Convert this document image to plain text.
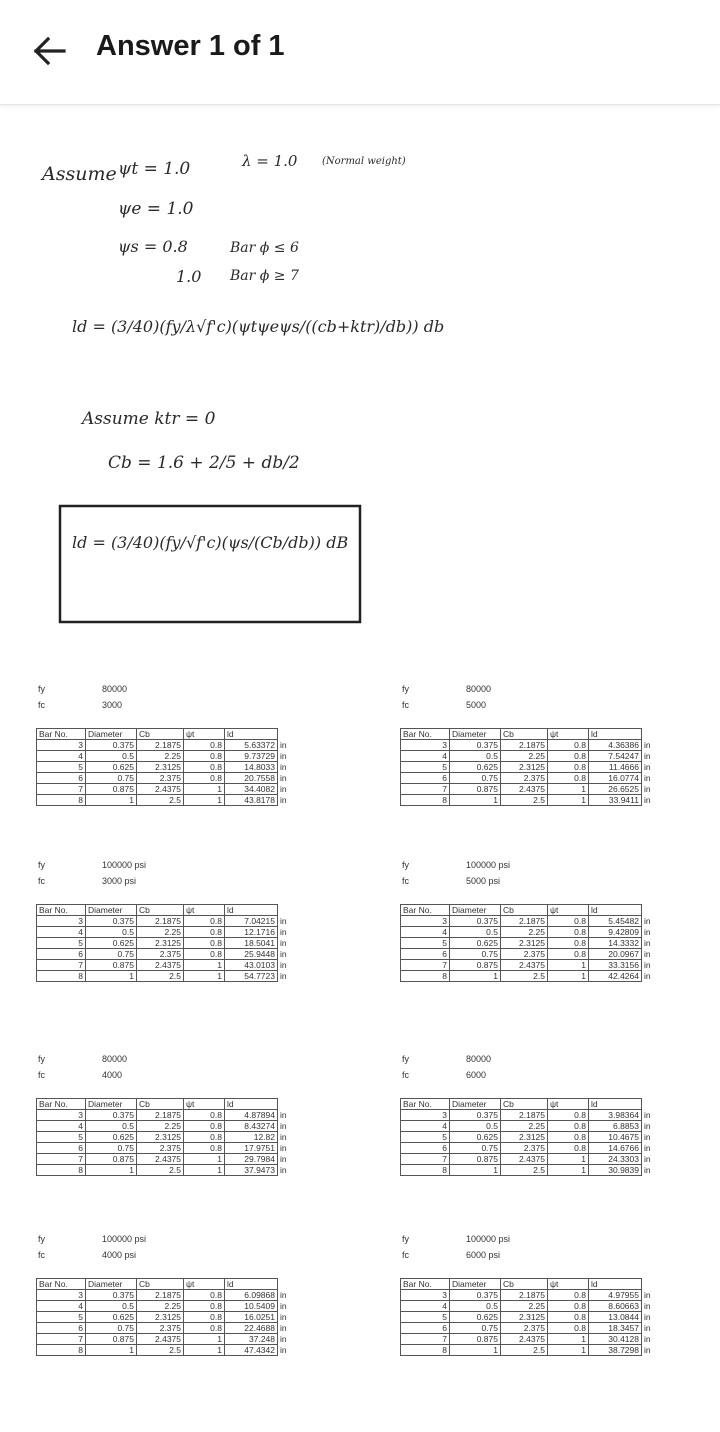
Answer 1 of 1
Assume ψt = 1.0	λ = 1.0 (Normal weight)
ψe = 1.0
ψs = 0.8	Bar ϕ ≤ 6
1.0 Bar ϕ ≥ 7
ld = (3/40)(fy/λ√f'c)(ψtψeψs/((cb+ktr)/db)) db
Assume ktr = 0
Cb = 1.6 + 2/5 + db/2
ld = (3/40)(fy/√f'c)(ψs/(Cb/db)) dB
fy	80000
fc	3000
Bar No.	Diameter	Cb	ψt	ld	
3	0.375	2.1875	0.8	5.63372	in
4	0.5	2.25	0.8	9.73729	in
5	0.625	2.3125	0.8	14.8033	in
6	0.75	2.375	0.8	20.7558	in
7	0.875	2.4375	1	34.4082	in
8	1	2.5	1	43.8178	in
fy	80000
fc	5000
Bar No.	Diameter	Cb	ψt	ld	
3	0.375	2.1875	0.8	4.36386	in
4	0.5	2.25	0.8	7.54247	in
5	0.625	2.3125	0.8	11.4666	in
6	0.75	2.375	0.8	16.0774	in
7	0.875	2.4375	1	26.6525	in
8	1	2.5	1	33.9411	in
fy	100000 psi
fc	3000 psi
Bar No.	Diameter	Cb	ψt	ld	
3	0.375	2.1875	0.8	7.04215	in
4	0.5	2.25	0.8	12.1716	in
5	0.625	2.3125	0.8	18.5041	in
6	0.75	2.375	0.8	25.9448	in
7	0.875	2.4375	1	43.0103	in
8	1	2.5	1	54.7723	in
fy	100000 psi
fc	5000 psi
Bar No.	Diameter	Cb	ψt	ld	
3	0.375	2.1875	0.8	5.45482	in
4	0.5	2.25	0.8	9.42809	in
5	0.625	2.3125	0.8	14.3332	in
6	0.75	2.375	0.8	20.0967	in
7	0.875	2.4375	1	33.3156	in
8	1	2.5	1	42.4264	in
fy	80000
fc	4000
Bar No.	Diameter	Cb	ψt	ld	
3	0.375	2.1875	0.8	4.87894	in
4	0.5	2.25	0.8	8.43274	in
5	0.625	2.3125	0.8	12.82	in
6	0.75	2.375	0.8	17.9751	in
7	0.875	2.4375	1	29.7984	in
8	1	2.5	1	37.9473	in
fy	80000
fc	6000
Bar No.	Diameter	Cb	ψt	ld	
3	0.375	2.1875	0.8	3.98364	in
4	0.5	2.25	0.8	6.8853	in
5	0.625	2.3125	0.8	10.4675	in
6	0.75	2.375	0.8	14.6766	in
7	0.875	2.4375	1	24.3303	in
8	1	2.5	1	30.9839	in
fy	100000 psi
fc	4000 psi
Bar No.	Diameter	Cb	ψt	ld	
3	0.375	2.1875	0.8	6.09868	in
4	0.5	2.25	0.8	10.5409	in
5	0.625	2.3125	0.8	16.0251	in
6	0.75	2.375	0.8	22.4688	in
7	0.875	2.4375	1	37.248	in
8	1	2.5	1	47.4342	in
fy	100000 psi
fc	6000 psi
Bar No.	Diameter	Cb	ψt	ld	
3	0.375	2.1875	0.8	4.97955	in
4	0.5	2.25	0.8	8.60663	in
5	0.625	2.3125	0.8	13.0844	in
6	0.75	2.375	0.8	18.3457	in
7	0.875	2.4375	1	30.4128	in
8	1	2.5	1	38.7298	in
